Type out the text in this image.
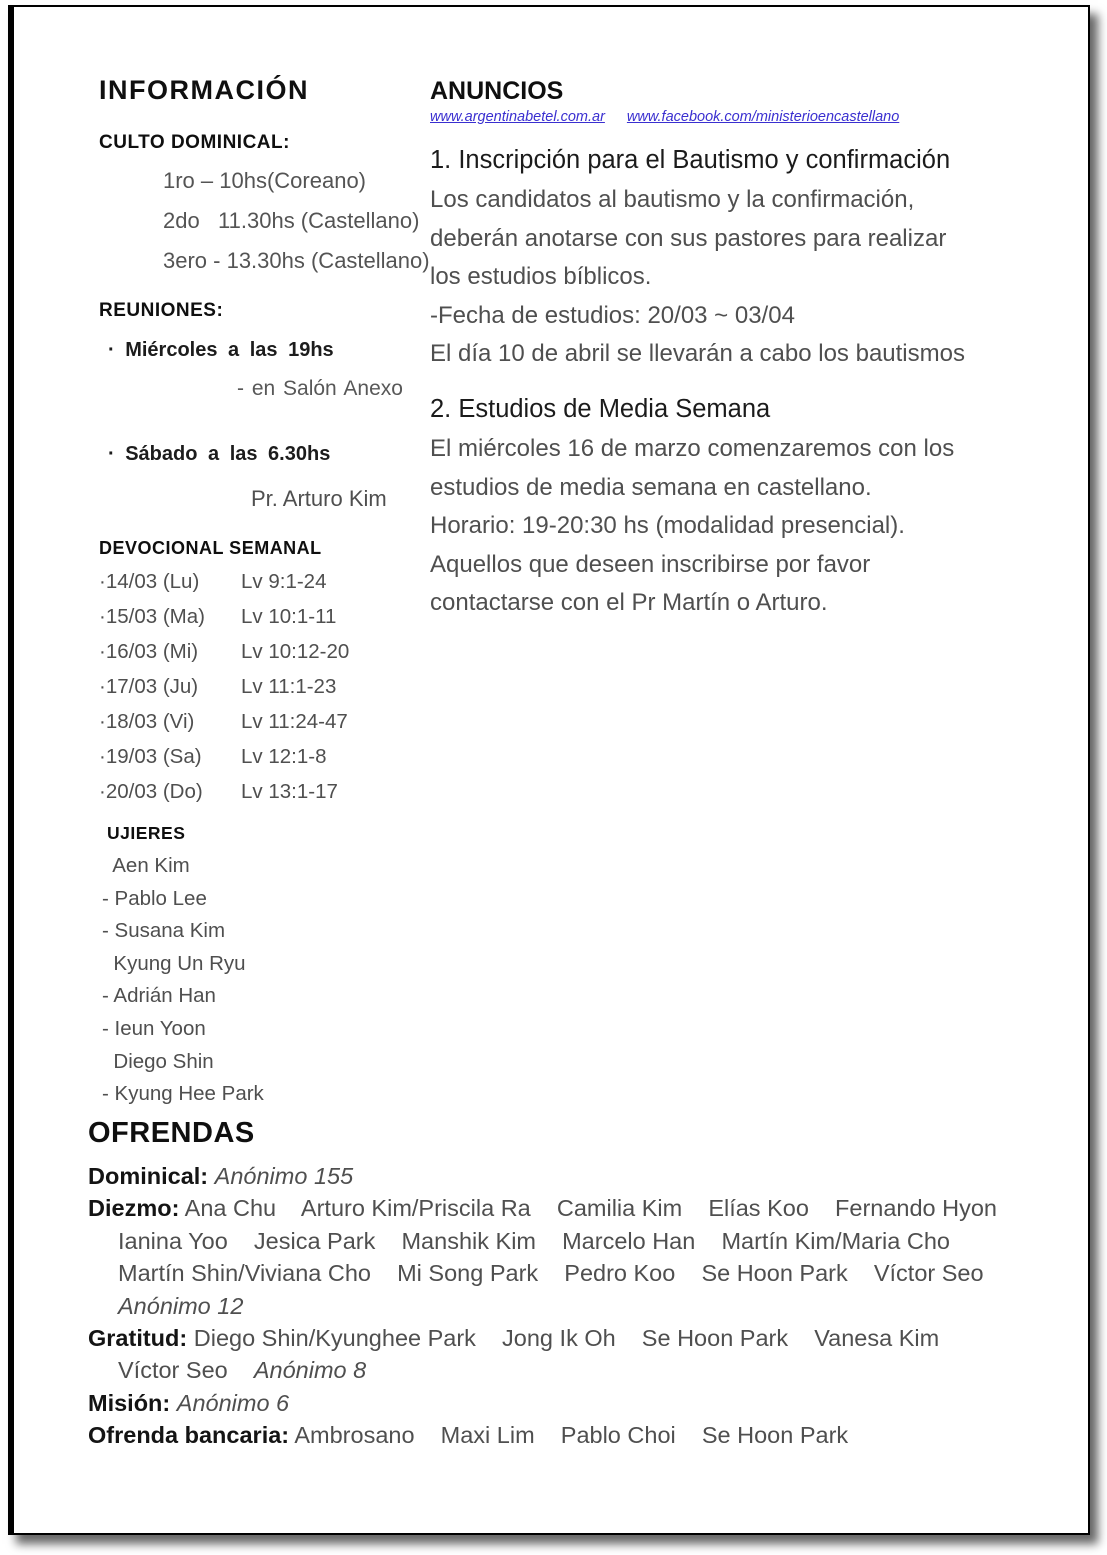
INFORMACIÓN
CULTO DOMINICAL:
1ro – 10hs(Coreano)
2do   11.30hs (Castellano)
3ero - 13.30hs (Castellano)
REUNIONES:
· Miércoles a las 19hs
- en Salón Anexo
· Sábado a las 6.30hs
Pr. Arturo Kim
DEVOCIONAL SEMANAL
·14/03 (Lu)	Lv 9:1-24
·15/03 (Ma)	Lv 10:1-11
·16/03 (Mi)	Lv 10:12-20
·17/03 (Ju)	Lv 11:1-23
·18/03 (Vi)	Lv 11:24-47
·19/03 (Sa)	Lv 12:1-8
·20/03 (Do)	Lv 13:1-17
UJIERES
Aen Kim
- Pablo Lee
- Susana Kim
Kyung Un Ryu
- Adrián Han
- Ieun Yoon
Diego Shin
- Kyung Hee Park
ANUNCIOS
www.argentinabetel.com.ar www.facebook.com/ministerioencastellano
1. Inscripción para el Bautismo y confirmación
Los candidatos al bautismo y la confirmación,
deberán anotarse con sus pastores para realizar
los estudios bíblicos.
-Fecha de estudios: 20/03 ~ 03/04
El día 10 de abril se llevarán a cabo los bautismos
2. Estudios de Media Semana
El miércoles 16 de marzo comenzaremos con los
estudios de media semana en castellano.
Horario: 19-20:30 hs (modalidad presencial).
Aquellos que deseen inscribirse por favor
contactarse con el Pr Martín o Arturo.
OFRENDAS
Dominical: Anónimo 155
Diezmo: Ana Chu    Arturo Kim/Priscila Ra    Camilia Kim    Elías Koo    Fernando Hyon
Ianina Yoo    Jesica Park    Manshik Kim    Marcelo Han    Martín Kim/Maria Cho
Martín Shin/Viviana Cho    Mi Song Park    Pedro Koo    Se Hoon Park    Víctor Seo
Anónimo 12
Gratitud: Diego Shin/Kyunghee Park    Jong Ik Oh    Se Hoon Park    Vanesa Kim
Víctor Seo    Anónimo 8
Misión: Anónimo 6
Ofrenda bancaria: Ambrosano    Maxi Lim    Pablo Choi    Se Hoon Park
